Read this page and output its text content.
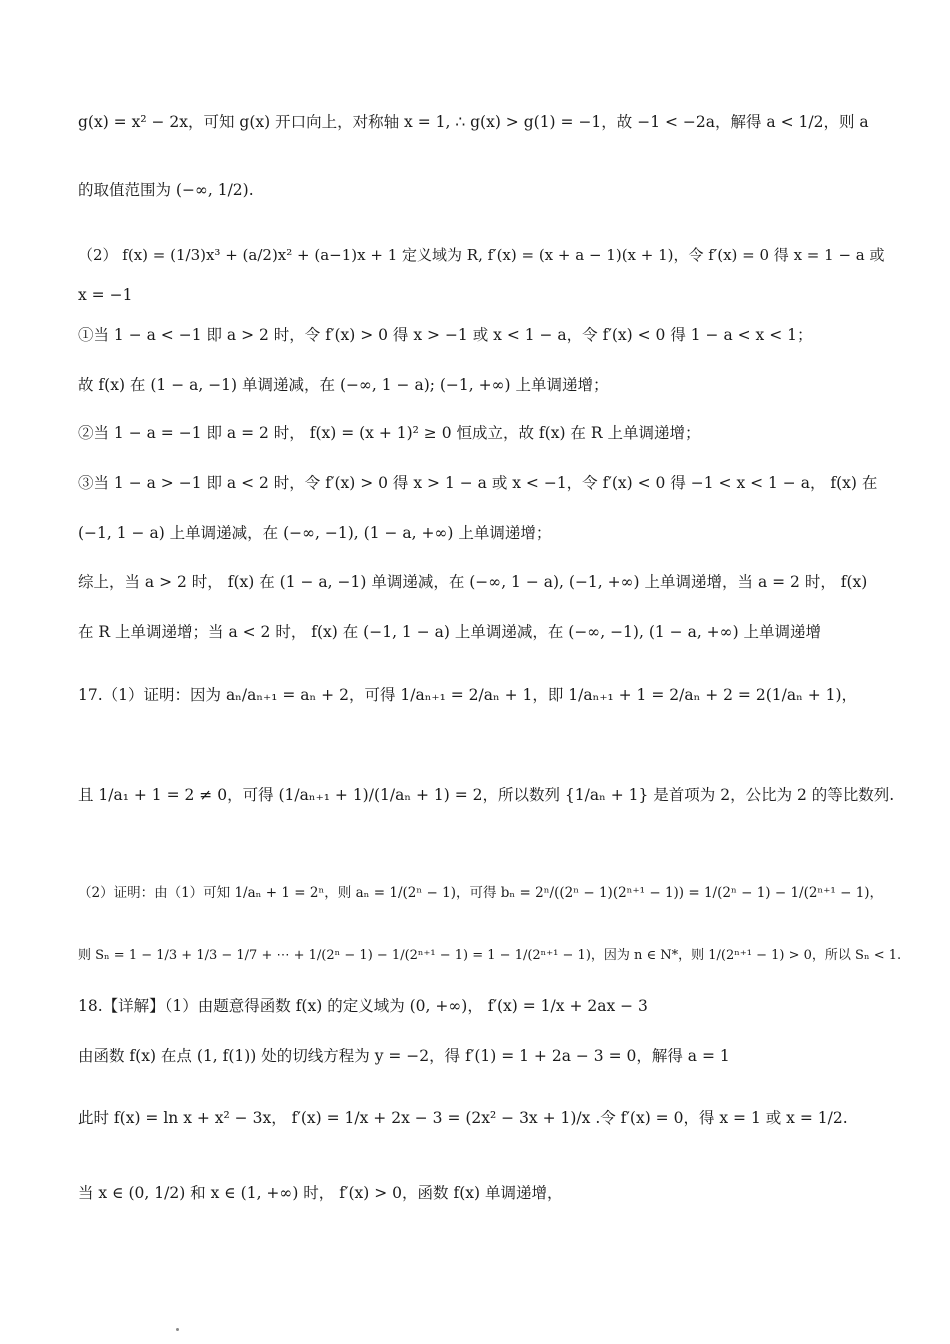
g(x) = x² − 2x，可知 g(x) 开口向上，对称轴 x = 1, ∴ g(x) > g(1) = −1，故 −1 < −2a，解得 a < 1/2，则 a
的取值范围为 (−∞, 1/2).
（2） f(x) = (1/3)x³ + (a/2)x² + (a−1)x + 1 定义域为 R, f′(x) = (x + a − 1)(x + 1)，令 f′(x) = 0 得 x = 1 − a 或
x = −1
①当 1 − a < −1 即 a > 2 时，令 f′(x) > 0 得 x > −1 或 x < 1 − a，令 f′(x) < 0 得 1 − a < x < 1；
故 f(x) 在 (1 − a, −1) 单调递减，在 (−∞, 1 − a); (−1, +∞) 上单调递增；
②当 1 − a = −1 即 a = 2 时， f(x) = (x + 1)² ≥ 0 恒成立，故 f(x) 在 R 上单调递增；
③当 1 − a > −1 即 a < 2 时，令 f′(x) > 0 得 x > 1 − a 或 x < −1，令 f′(x) < 0 得 −1 < x < 1 − a， f(x) 在
(−1, 1 − a) 上单调递减，在 (−∞, −1), (1 − a, +∞) 上单调递增；
综上，当 a > 2 时， f(x) 在 (1 − a, −1) 单调递减，在 (−∞, 1 − a), (−1, +∞) 上单调递增，当 a = 2 时， f(x)
在 R 上单调递增；当 a < 2 时， f(x) 在 (−1, 1 − a) 上单调递减，在 (−∞, −1), (1 − a, +∞) 上单调递增
17.（1）证明：因为 aₙ/aₙ₊₁ = aₙ + 2，可得 1/aₙ₊₁ = 2/aₙ + 1，即 1/aₙ₊₁ + 1 = 2/aₙ + 2 = 2(1/aₙ + 1)，
且 1/a₁ + 1 = 2 ≠ 0，可得 (1/aₙ₊₁ + 1)/(1/aₙ + 1) = 2，所以数列 {1/aₙ + 1} 是首项为 2，公比为 2 的等比数列.
（2）证明：由（1）可知 1/aₙ + 1 = 2ⁿ，则 aₙ = 1/(2ⁿ − 1)，可得 bₙ = 2ⁿ/((2ⁿ − 1)(2ⁿ⁺¹ − 1)) = 1/(2ⁿ − 1) − 1/(2ⁿ⁺¹ − 1)，
则 Sₙ = 1 − 1/3 + 1/3 − 1/7 + ⋯ + 1/(2ⁿ − 1) − 1/(2ⁿ⁺¹ − 1) = 1 − 1/(2ⁿ⁺¹ − 1)，因为 n ∈ N*，则 1/(2ⁿ⁺¹ − 1) > 0，所以 Sₙ < 1.
18.【详解】（1）由题意得函数 f(x) 的定义域为 (0, +∞)， f′(x) = 1/x + 2ax − 3
由函数 f(x) 在点 (1, f(1)) 处的切线方程为 y = −2，得 f′(1) = 1 + 2a − 3 = 0，解得 a = 1
此时 f(x) = ln x + x² − 3x， f′(x) = 1/x + 2x − 3 = (2x² − 3x + 1)/x .令 f′(x) = 0，得 x = 1 或 x = 1/2.
当 x ∈ (0, 1/2) 和 x ∈ (1, +∞) 时， f′(x) > 0，函数 f(x) 单调递增，
